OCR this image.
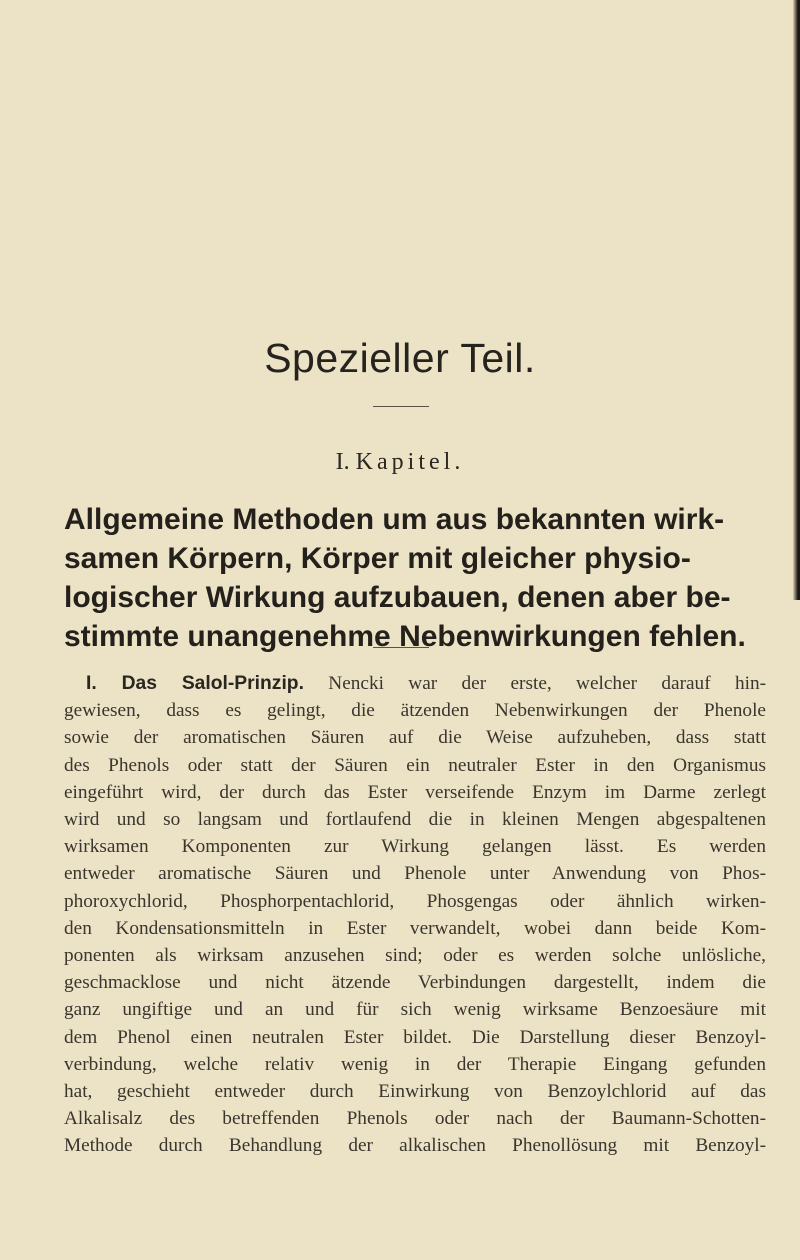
Spezieller Teil.
I. Kapitel.
Allgemeine Methoden um aus bekannten wirk-
samen Körpern, Körper mit gleicher physio-
logischer Wirkung aufzubauen, denen aber be-
stimmte unangenehme Nebenwirkungen fehlen.
I. Das Salol-Prinzip. Nencki war der erste, welcher darauf hin-
gewiesen, dass es gelingt, die ätzenden Nebenwirkungen der Phenole
sowie der aromatischen Säuren auf die Weise aufzuheben, dass statt
des Phenols oder statt der Säuren ein neutraler Ester in den Organismus
eingeführt wird, der durch das Ester verseifende Enzym im Darme zerlegt
wird und so langsam und fortlaufend die in kleinen Mengen abgespaltenen
wirksamen Komponenten zur Wirkung gelangen lässt. Es werden
entweder aromatische Säuren und Phenole unter Anwendung von Phos-
phoroxychlorid, Phosphorpentachlorid, Phosgengas oder ähnlich wirken-
den Kondensationsmitteln in Ester verwandelt, wobei dann beide Kom-
ponenten als wirksam anzusehen sind; oder es werden solche unlösliche,
geschmacklose und nicht ätzende Verbindungen dargestellt, indem die
ganz ungiftige und an und für sich wenig wirksame Benzoesäure mit
dem Phenol einen neutralen Ester bildet. Die Darstellung dieser Benzoyl-
verbindung, welche relativ wenig in der Therapie Eingang gefunden
hat, geschieht entweder durch Einwirkung von Benzoylchlorid auf das
Alkalisalz des betreffenden Phenols oder nach der Baumann-Schotten-
Methode durch Behandlung der alkalischen Phenollösung mit Benzoyl-
